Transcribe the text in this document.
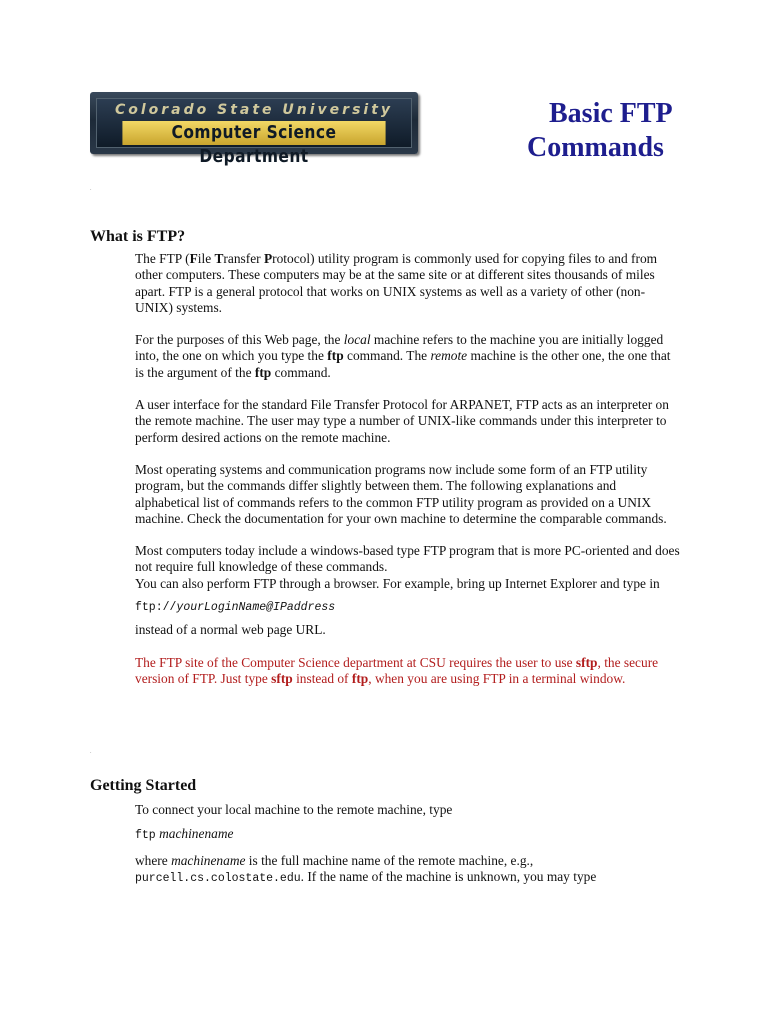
Colorado State University
Computer Science Department
Basic FTP
Commands
.
What is FTP?

The FTP (File Transfer Protocol) utility program is commonly used for copying files to and from other computers. These computers may be at the same site or at different sites thousands of miles apart. FTP is a general protocol that works on UNIX systems as well as a variety of other (non-UNIX) systems.

For the purposes of this Web page, the local machine refers to the machine you are initially logged into, the one on which you type the ftp command. The remote machine is the other one, the one that is the argument of the ftp command.

A user interface for the standard File Transfer Protocol for ARPANET, FTP acts as an interpreter on the remote machine. The user may type a number of UNIX-like commands under this interpreter to perform desired actions on the remote machine.

Most operating systems and communication programs now include some form of an FTP utility program, but the commands differ slightly between them. The following explanations and alphabetical list of commands refers to the common FTP utility program as provided on a UNIX machine. Check the documentation for your own machine to determine the comparable commands.

Most computers today include a windows-based type FTP program that is more PC-oriented and does not require full knowledge of these commands.
You can also perform FTP through a browser. For example, bring up Internet Explorer and type in

ftp://yourLoginName@IPaddress

instead of a normal web page URL.

The FTP site of the Computer Science department at CSU requires the user to use sftp, the secure version of FTP. Just type sftp instead of ftp, when you are using FTP in a terminal window.

.
Getting Started

To connect your local machine to the remote machine, type

ftp machinename

where machinename is the full machine name of the remote machine, e.g., purcell.cs.colostate.edu. If the name of the machine is unknown, you may type
